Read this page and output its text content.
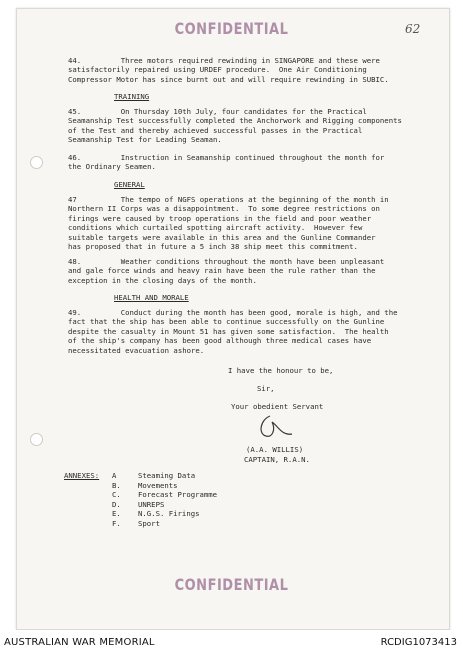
CONFIDENTIAL	62
44.         Three motors required rewinding in SINGAPORE and these were
satisfactorily repaired using URDEF procedure.  One Air Conditioning
Compressor Motor has since burnt out and will require rewinding in SUBIC.
TRAINING
45.         On Thursday 10th July, four candidates for the Practical
Seamanship Test successfully completed the Anchorwork and Rigging components
of the Test and thereby achieved successful passes in the Practical
Seamanship Test for Leading Seaman.
46.         Instruction in Seamanship continued throughout the month for
the Ordinary Seamen.
GENERAL
47          The tempo of NGFS operations at the beginning of the month in
Northern II Corps was a disappointment.  To some degree restrictions on
firings were caused by troop operations in the field and poor weather
conditions which curtailed spotting aircraft activity.  However few
suitable targets were available in this area and the Gunline Commander
has proposed that in future a 5 inch 38 ship meet this commitment.
48.         Weather conditions throughout the month have been unpleasant
and gale force winds and heavy rain have been the rule rather than the
exception in the closing days of the month.
HEALTH AND MORALE
49.         Conduct during the month has been good, morale is high, and the
fact that the ship has been able to continue successfully on the Gunline
despite the casualty in Mount 51 has given some satisfaction.  The health
of the ship's company has been good although three medical cases have
necessitated evacuation ashore.
I have the honour to be,
Sir,
Your obedient Servant
(A.A. WILLIS)
CAPTAIN, R.A.N.
ANNEXES: A	Steaming Data
B.	Movements
C.	Forecast Programme
D.	UNREPS
E.	N.G.S. Firings
F.	Sport
CONFIDENTIAL
AUSTRALIAN WAR MEMORIAL	RCDIG1073413
